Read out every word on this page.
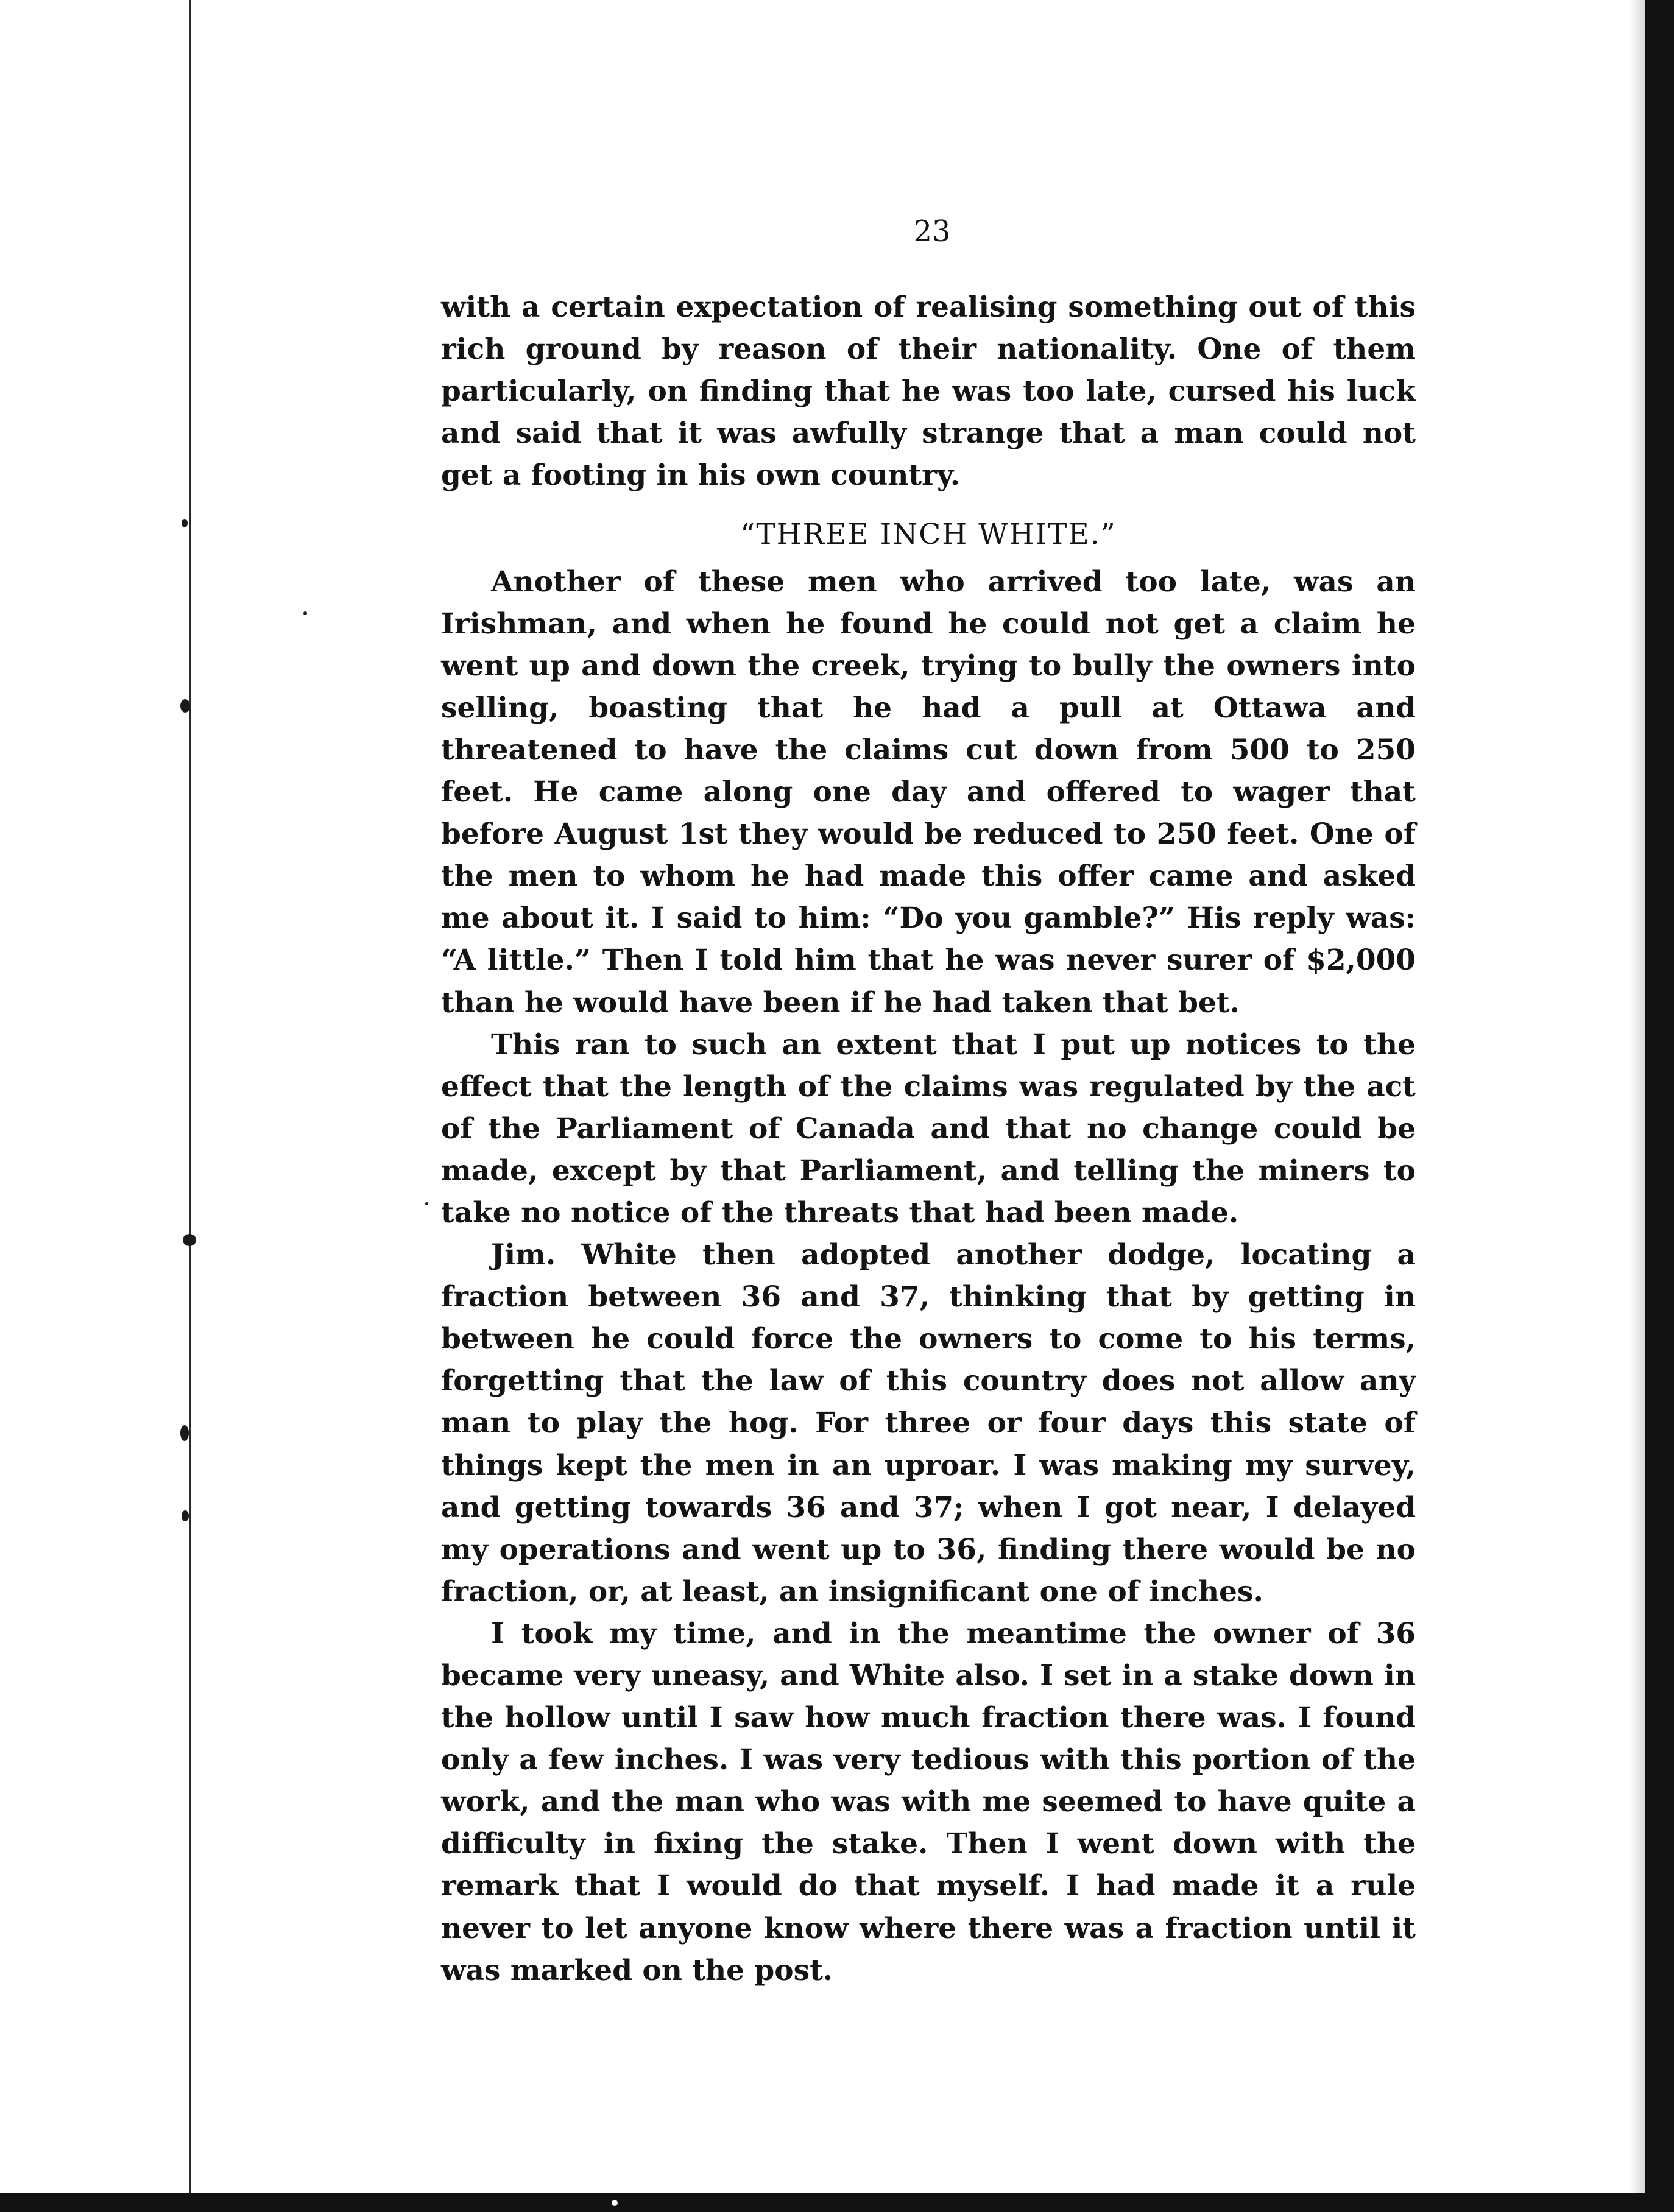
23

with a certain expectation of realising something out of this rich ground by reason of their nationality. One of them particularly, on finding that he was too late, cursed his luck and said that it was awfully strange that a man could not get a footing in his own country.

“THREE INCH WHITE.”

Another of these men who arrived too late, was an Irishman, and when he found he could not get a claim he went up and down the creek, trying to bully the owners into selling, boasting that he had a pull at Ottawa and threatened to have the claims cut down from 500 to 250 feet. He came along one day and offered to wager that before August 1st they would be reduced to 250 feet. One of the men to whom he had made this offer came and asked me about it. I said to him: “Do you gamble?” His reply was: “A little.” Then I told him that he was never surer of $2,000 than he would have been if he had taken that bet.

This ran to such an extent that I put up notices to the effect that the length of the claims was regulated by the act of the Parliament of Canada and that no change could be made, except by that Parliament, and telling the miners to take no notice of the threats that had been made.

Jim. White then adopted another dodge, locating a fraction between 36 and 37, thinking that by getting in between he could force the owners to come to his terms, forgetting that the law of this country does not allow any man to play the hog. For three or four days this state of things kept the men in an uproar. I was making my survey, and getting towards 36 and 37; when I got near, I delayed my operations and went up to 36, finding there would be no fraction, or, at least, an insignificant one of inches.

I took my time, and in the meantime the owner of 36 became very uneasy, and White also. I set in a stake down in the hollow until I saw how much fraction there was. I found only a few inches. I was very tedious with this portion of the work, and the man who was with me seemed to have quite a difficulty in fixing the stake. Then I went down with the remark that I would do that myself. I had made it a rule never to let anyone know where there was a fraction until it was marked on the post.
